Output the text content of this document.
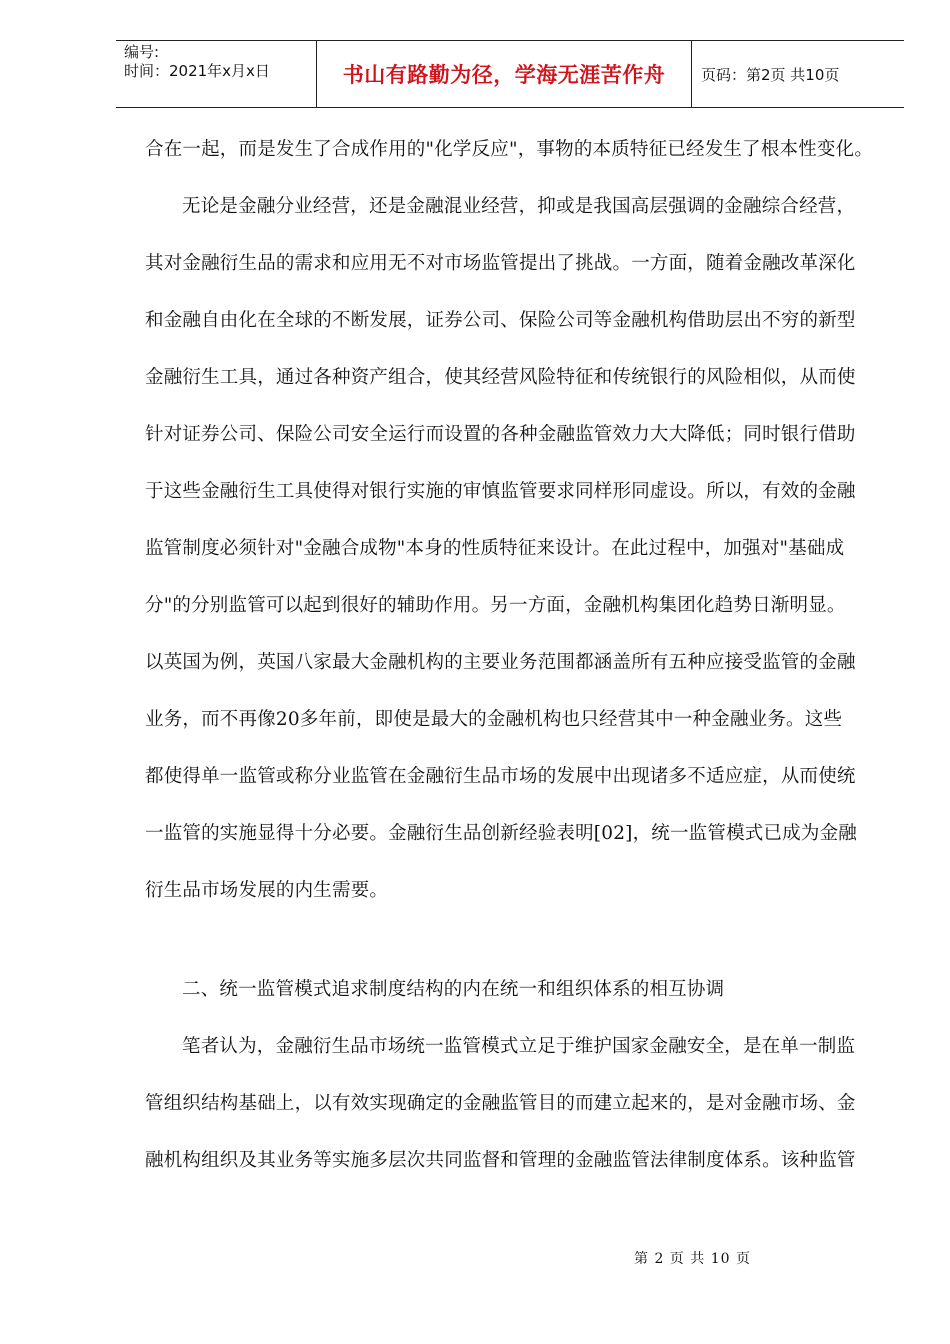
编号:
时间：2021年x月x日	书山有路勤为径，学海无涯苦作舟	页码：第2页 共10页
合在一起，而是发生了合成作用的"化学反应"，事物的本质特征已经发生了根本性变化。
无论是金融分业经营，还是金融混业经营，抑或是我国高层强调的金融综合经营，
其对金融衍生品的需求和应用无不对市场监管提出了挑战。一方面，随着金融改革深化
和金融自由化在全球的不断发展，证券公司、保险公司等金融机构借助层出不穷的新型
金融衍生工具，通过各种资产组合，使其经营风险特征和传统银行的风险相似，从而使
针对证券公司、保险公司安全运行而设置的各种金融监管效力大大降低；同时银行借助
于这些金融衍生工具使得对银行实施的审慎监管要求同样形同虚设。所以，有效的金融
监管制度必须针对"金融合成物"本身的性质特征来设计。在此过程中，加强对"基础成
分"的分别监管可以起到很好的辅助作用。另一方面，金融机构集团化趋势日渐明显。
以英国为例，英国八家最大金融机构的主要业务范围都涵盖所有五种应接受监管的金融
业务，而不再像20多年前，即使是最大的金融机构也只经营其中一种金融业务。这些
都使得单一监管或称分业监管在金融衍生品市场的发展中出现诸多不适应症，从而使统
一监管的实施显得十分必要。金融衍生品创新经验表明[02]，统一监管模式已成为金融
衍生品市场发展的内生需要。
二、统一监管模式追求制度结构的内在统一和组织体系的相互协调
笔者认为，金融衍生品市场统一监管模式立足于维护国家金融安全，是在单一制监
管组织结构基础上，以有效实现确定的金融监管目的而建立起来的，是对金融市场、金
融机构组织及其业务等实施多层次共同监督和管理的金融监管法律制度体系。该种监管
第 2 页 共 10 页
